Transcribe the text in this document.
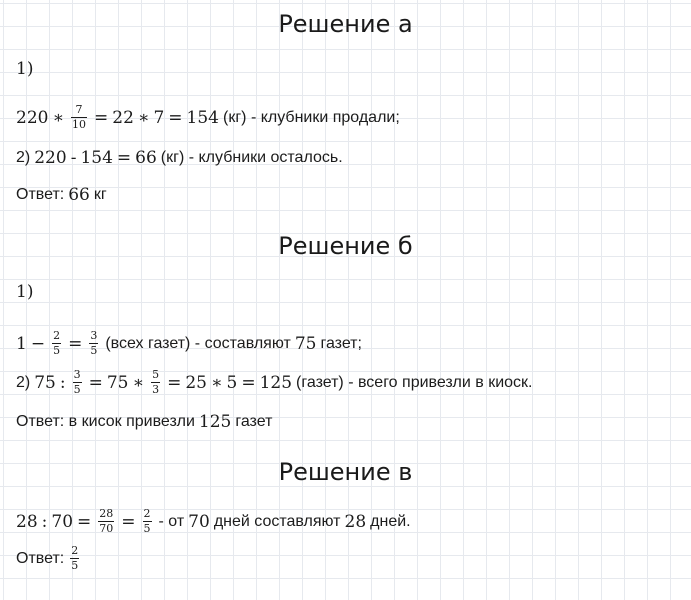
Решение а
1)
220 ∗ $\frac{7}{10} = 22$ ∗ 7 = 154 (кг) - клубники продали;
2) 220 - 154 = 66 (кг) - клубники осталось.
Ответ: 66 кг
Решение б
1)
$1 - \frac{2}{5} = \frac{3}{5}$ (всех газет) - составляют 75 газет;
2) 75 : $\frac{3}{5} = 75$ ∗ $\frac{5}{3} = 25$ ∗ 5 = 125 (газет) - всего привезли в киоск.
Ответ: в кисок привезли 125 газет
Решение в
28 : $70 = \frac{28}{70} = \frac{2}{5}$ - от 70 дней составляют 28 дней.
Ответ: $\frac{2}{5}$
